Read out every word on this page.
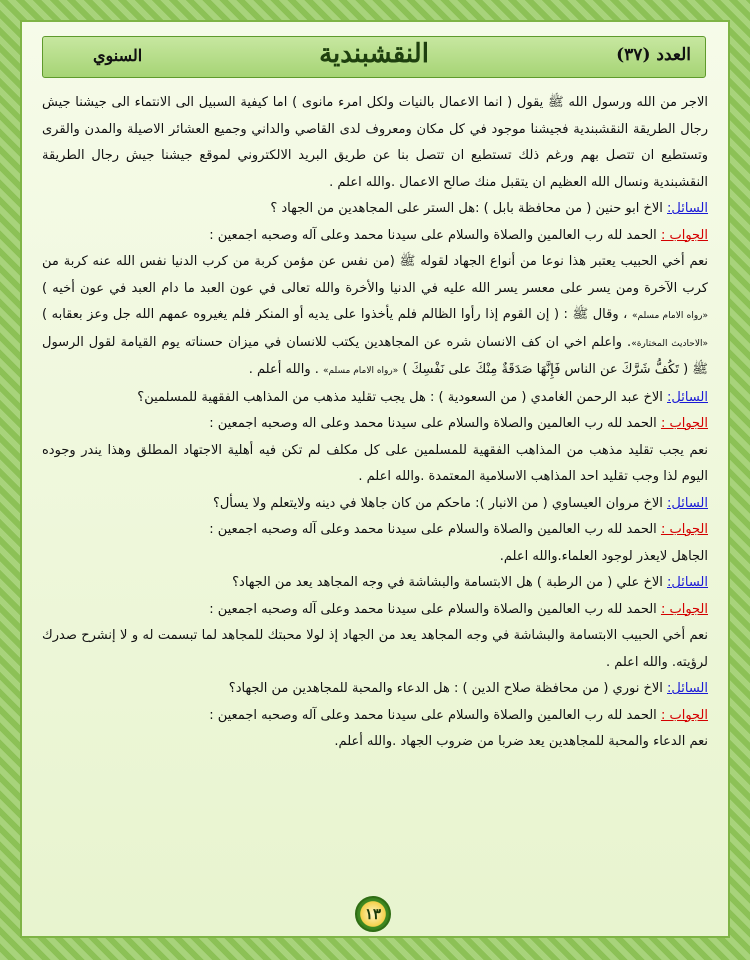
العدد (٣٧)
النقشبندية
السنوي

الاجر من الله ورسول الله ﷺ يقول ( انما الاعمال بالنيات ولكل امرء مانوى ) اما كيفية السبيل الى الانتماء الى جيشنا جيش رجال الطريقة النقشبندية فجيشنا موجود في كل مكان ومعروف لدى القاصي والداني وجميع العشائر الاصيلة والمدن والقرى وتستطيع ان تتصل بهم ورغم ذلك تستطيع ان تتصل بنا عن طريق البريد الالكتروني لموقع جيشنا جيش رجال الطريقة النقشبندية ونسال الله العظيم ان يتقبل منك صالح الاعمال .والله اعلم .

السائل: الاخ ابو حنين ( من محافظة بابل ) :هل الستر على المجاهدين من الجهاد ؟

الجواب : الحمد لله رب العالمين والصلاة والسلام على سيدنا محمد وعلى آله وصحبه اجمعين :

نعم أخي الحبيب يعتبر هذا نوعا من أنواع الجهاد لقوله ﷺ (من نفس عن مؤمن كربة من كرب الدنيا نفس الله عنه كربة من كرب الآخرة ومن يسر على معسر يسر الله عليه في الدنيا والأخرة والله تعالى في عون العبد ما دام العبد في عون أخيه ) «رواه الامام مسلم» ، وقال ﷺ : ( إن القوم إذا رأوا الظالم فلم يأخذوا على يديه أو المنكر فلم يغيروه عمهم الله جل وعز بعقابه ) «الاحاديث المختارة». واعلم اخي ان كف الانسان شره عن المجاهدين يكتب للانسان في ميزان حسناته يوم القيامة لقول الرسول ﷺ ( تَكُفُّ شَرَّكَ عن الناس فَإِنَّهَا صَدَقَةٌ مِنْكَ على نَفْسِكَ ) «رواه الامام مسلم» . والله أعلم .

السائل: الاخ عبد الرحمن الغامدي ( من السعودية ) : هل يجب تقليد مذهب من المذاهب الفقهية للمسلمين؟

الجواب : الحمد لله رب العالمين والصلاة والسلام على سيدنا محمد وعلى اله وصحبه اجمعين :

نعم يجب تقليد مذهب من المذاهب الفقهية للمسلمين على كل مكلف لم تكن فيه أهلية الاجتهاد المطلق وهذا يندر وجوده اليوم لذا وجب تقليد احد المذاهب الاسلامية المعتمدة .والله اعلم .

السائل: الاخ مروان العيساوي ( من الانبار ): ماحكم من كان جاهلا في دينه ولايتعلم ولا يسأل؟

الجواب : الحمد لله رب العالمين والصلاة والسلام على سيدنا محمد وعلى آله وصحبه اجمعين :

الجاهل لايعذر لوجود العلماء.والله اعلم.

السائل: الاخ علي ( من الرطبة ) هل الابتسامة والبشاشة في وجه المجاهد يعد من الجهاد؟

الجواب : الحمد لله رب العالمين والصلاة والسلام على سيدنا محمد وعلى آله وصحبه اجمعين :

نعم أخي الحبيب الابتسامة والبشاشة في وجه المجاهد يعد من الجهاد إذ لولا محبتك للمجاهد لما تبسمت له و لا إنشرح صدرك لرؤيته. والله اعلم .

السائل: الاخ نوري ( من محافظة صلاح الدين ) : هل الدعاء والمحبة للمجاهدين من الجهاد؟

الجواب : الحمد لله رب العالمين والصلاة والسلام على سيدنا محمد وعلى آله وصحبه اجمعين :

نعم الدعاء والمحبة للمجاهدين يعد ضربا من ضروب الجهاد .والله أعلم.

١٣
